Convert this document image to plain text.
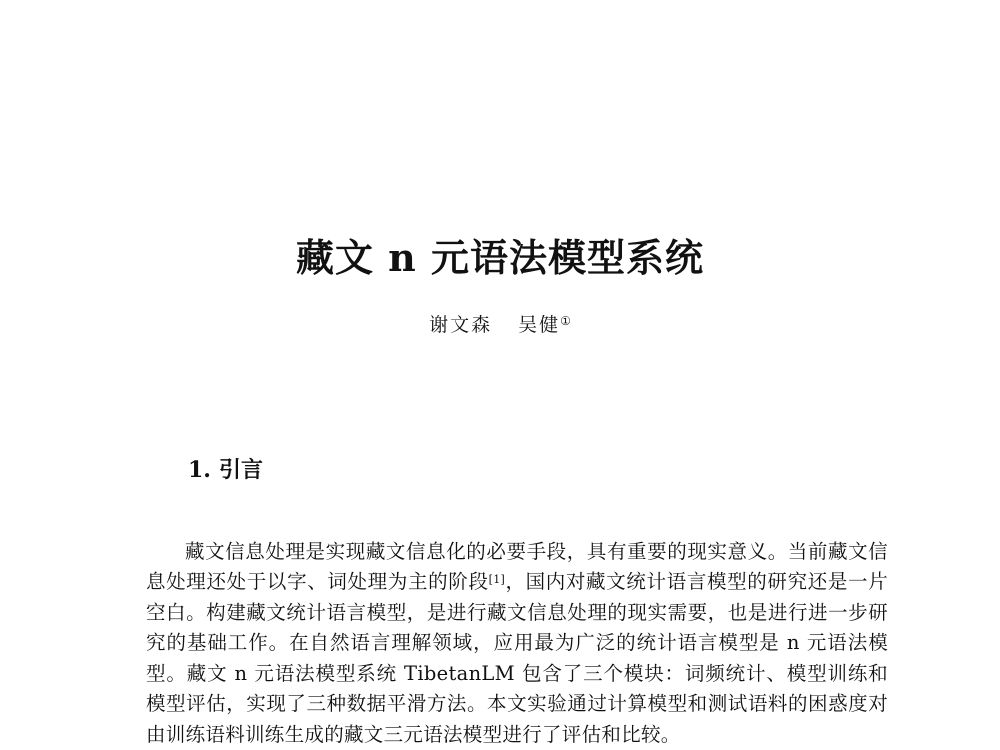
藏文 n 元语法模型系统
谢文森 吴健①
1. 引言

藏文信息处理是实现藏文信息化的必要手段，具有重要的现实意义。当前藏文信息处理还处于以字、词处理为主的阶段[1]，国内对藏文统计语言模型的研究还是一片空白。构建藏文统计语言模型，是进行藏文信息处理的现实需要，也是进行进一步研究的基础工作。在自然语言理解领域，应用最为广泛的统计语言模型是 n 元语法模型。藏文 n 元语法模型系统 TibetanLM 包含了三个模块：词频统计、模型训练和模型评估，实现了三种数据平滑方法。本文实验通过计算模型和测试语料的困惑度对由训练语料训练生成的藏文三元语法模型进行了评估和比较。
